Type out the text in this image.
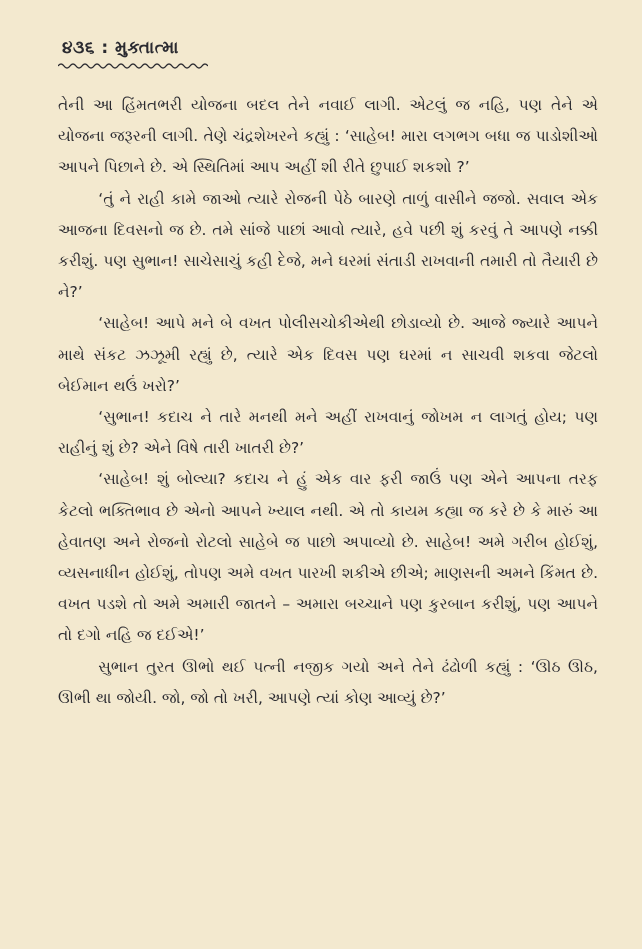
૪૩૬ : મુક્તાત્મા

તેની આ હિંમતભરી યોજના બદલ તેને નવાઈ લાગી. એટલું જ નહિ, પણ તેને એ યોજના જરૂરની લાગી. તેણે ચંદ્રશેખરને કહ્યું : ‘સાહેબ! મારા લગભગ બધા જ પાડોશીઓ આપને પિછાને છે. એ સ્થિતિમાં આપ અહીં શી રીતે છુપાઈ શકશો ?’

‘તું ને રાહી કામે જાઓ ત્યારે રોજની પેઠે બારણે તાળું વાસીને જજો. સવાલ એક આજના દિવસનો જ છે. તમે સાંજે પાછાં આવો ત્યારે, હવે પછી શું કરવું તે આપણે નક્કી કરીશું. પણ સુભાન! સાચેસાચું કહી દેજે, મને ઘરમાં સંતાડી રાખવાની તમારી તો તૈયારી છે ને?’

‘સાહેબ! આપે મને બે વખત પોલીસચોકીએથી છોડાવ્યો છે. આજે જ્યારે આપને માથે સંકટ ઝઝૂમી રહ્યું છે, ત્યારે એક દિવસ પણ ઘરમાં ન સાચવી શકવા જેટલો બેઈમાન થઉં ખરો?’

‘સુભાન! કદાચ ને તારે મનથી મને અહીં રાખવાનું જોખમ ન લાગતું હોય; પણ રાહીનું શું છે? એને વિષે તારી ખાતરી છે?’

‘સાહેબ! શું બોલ્યા? કદાચ ને હું એક વાર ફરી જાઉં પણ એને આપના તરફ કેટલો ભક્તિભાવ છે એનો આપને ખ્યાલ નથી. એ તો કાયમ કહ્યા જ કરે છે કે મારું આ હેવાતણ અને રોજનો રોટલો સાહેબે જ પાછો અપાવ્યો છે. સાહેબ! અમે ગરીબ હોઈશું, વ્યસનાધીન હોઈશું, તોપણ અમે વખત પારખી શકીએ છીએ; માણસની અમને કિંમત છે. વખત પડશે તો અમે અમારી જાતને – અમારા બચ્ચાને પણ કુરબાન કરીશું, પણ આપને તો દગો નહિ જ દઈએ!’

સુભાન તુરત ઊભો થઈ પત્ની નજીક ગયો અને તેને ઢંઢોળી કહ્યું : ‘ઊઠ ઊઠ, ઊભી થા જોયી. જો, જો તો ખરી, આપણે ત્યાં કોણ આવ્યું છે?’
